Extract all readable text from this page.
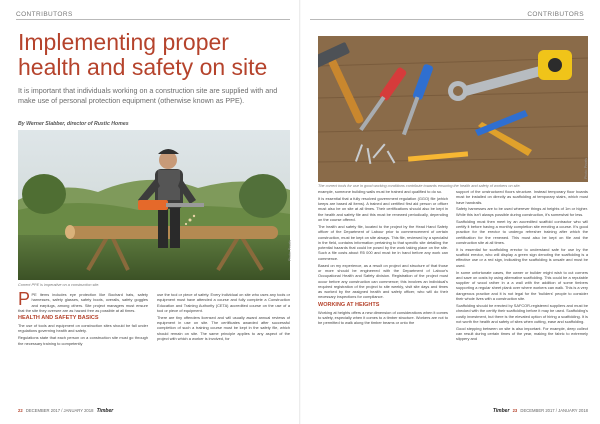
CONTRIBUTORS
Implementing proper
health and safety on site
It is important that individuals working on a construction site are supplied with and make use of personal protection equipment (otherwise known as PPE).
By Werner Slabber, director of Rustic Homes
Photo: Pexels
Correct PPE is imperative on a construction site.

PPE items includes eye protection like Bochard hats, safety harnesses, safety glasses, safety boots, overalls, safety goggles and earplugs, among others. Site project managers must ensure that the site they oversee are as hazard free as possible at all times.

HEALTH AND SAFETY BASICS

The use of tools and equipment on construction sites should be fall under regulations governing health and safety.

Regulations state that each person on a construction site must go through the necessary training to competently

use the tool or piece of safety. Every individual on site who uses any tools or equipment must have attended a course and fully complete a Construction Education and Training Authority (CETA) accredited course on the use of a tool or piece of equipment.

There are tiny offenders licensed and will usually award annual reviews of equipment in use on site. The certificates awarded after successful completion of such a training course must be kept in the safety file, which should remain on site. The same principle applies to any aspect of the project with which a worker is involved, for

22 DECEMBER 2017 / JANUARY 2018 Timber
CONTRIBUTORS
Photo: Pexels
The correct tools for use in good working conditions contribute towards ensuring the health and safety of workers on site.

example, someone building walls must be trained and qualified to do so.

It is essential that a fully resolved government regulation (GGO) file (which keeps are based all items). A trained and certified first aid person or officer must also be on site at all times. Their certifications should also be kept in the health and safety file and this must be renewed periodically, depending on the course offered.

The health and safety file, located to the project by the Head Hand Safety officer of the Department of Labour prior to commencement of certain construction, must be kept on site always. This file, reviewed by a specialist in the field, contains information pertaining to that specific site detailing the potential hazards that could be posed by the work taking place on the site. Such a file costs about R5 000 and must be in hand before any work can commence.

Based on my experience, as a result on project and structure of that those or more should be engineered with the Department of Labour's Occupational Health and Safety division. Registration of the project must occur before any construction can commence; this involves an individual's required registration of the project to site weekly, visit site days and times as worked by the assigned health and safety officer, who will do their necessary inspections for compliance.

WORKING AT HEIGHTS

Working at heights offers a new dimension of considerations when it comes to safety, especially when it comes to a timber structure. Workers are not to be permitted to walk along the timber beams or onto the

support of the unstructured floors structure. Instead temporary floor boards must be installed on directly as scaffolding at temporary stairs, which must have handrails.

Safety harnesses are to be used wherever things at heights of 1m or higher. While this isn't always possible during construction, it's somewhat for less.

Scaffolding must then meet by an accredited scaffold contractor who will certify it before having a monthly completion site erecting a course. It's good practice for the erector to undergo refresher training after which the certification for the renewed. This must also be kept on file and the construction site at all times.

It is essential for scaffolding erector to understand safe for use by the scaffold erector, who will display a green sign denoting the scaffolding is a effective use or a red sign, indicating the scaffolding is unsafe and must be used.

In some unfortunate cases, the owner or builder might wish to cut corners and save on costs by using alternative scaffolding. This could be a reputable supplier of wood rather in a a wall with the addition of some timbers supporting a regular sheet plank over where workers can walk. This is a very dangerous practice and it is not legal for the 'builders' people to consider their whole lives with a construction site.

Scaffolding should be erected by SAFCOR-registered suppliers and must be checked with the certify their scaffolding before it may be used. Scaffolding's costly investment, but there is the elevated option of hiring a scaffolding. It is not worth the health and safety of sites when cutting, ease and scaffolding.

Good stepping between on site is also important. For example, deep collect can result during certain times of the year, making the fabric to extremely slippery and

Timber 23 DECEMBER 2017 / JANUARY 2018
